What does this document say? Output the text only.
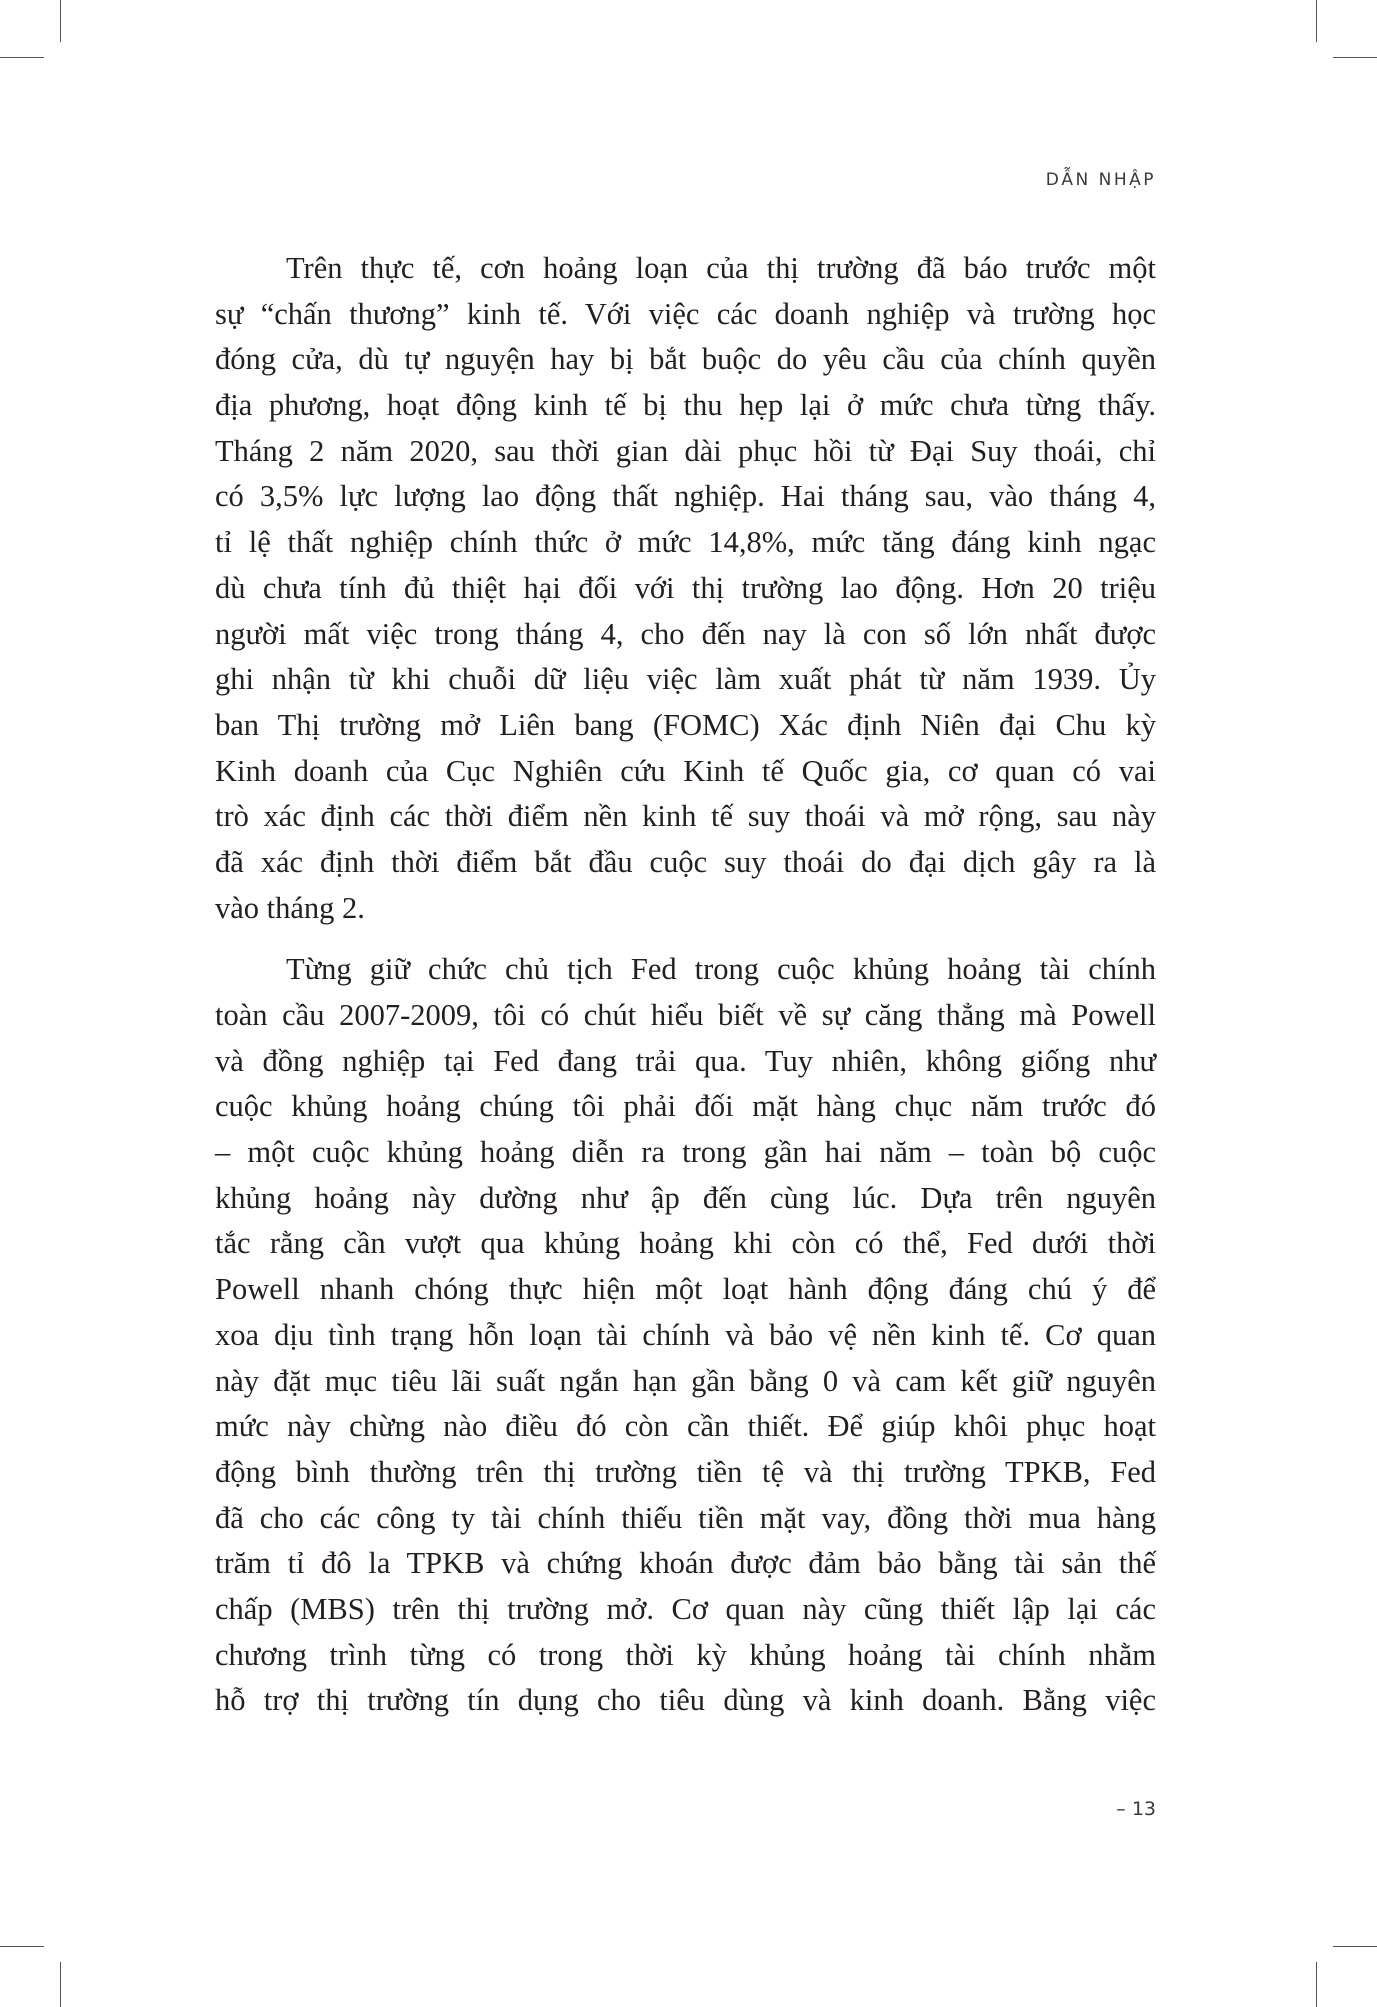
DẪN NHẬP
Trên thực tế, cơn hoảng loạn của thị trường đã báo trước một
sự “chấn thương” kinh tế. Với việc các doanh nghiệp và trường học
đóng cửa, dù tự nguyện hay bị bắt buộc do yêu cầu của chính quyền
địa phương, hoạt động kinh tế bị thu hẹp lại ở mức chưa từng thấy.
Tháng 2 năm 2020, sau thời gian dài phục hồi từ Đại Suy thoái, chỉ
có 3,5% lực lượng lao động thất nghiệp. Hai tháng sau, vào tháng 4,
tỉ lệ thất nghiệp chính thức ở mức 14,8%, mức tăng đáng kinh ngạc
dù chưa tính đủ thiệt hại đối với thị trường lao động. Hơn 20 triệu
người mất việc trong tháng 4, cho đến nay là con số lớn nhất được
ghi nhận từ khi chuỗi dữ liệu việc làm xuất phát từ năm 1939. Ủy
ban Thị trường mở Liên bang (FOMC) Xác định Niên đại Chu kỳ
Kinh doanh của Cục Nghiên cứu Kinh tế Quốc gia, cơ quan có vai
trò xác định các thời điểm nền kinh tế suy thoái và mở rộng, sau này
đã xác định thời điểm bắt đầu cuộc suy thoái do đại dịch gây ra là
vào tháng 2.
Từng giữ chức chủ tịch Fed trong cuộc khủng hoảng tài chính
toàn cầu 2007-2009, tôi có chút hiểu biết về sự căng thẳng mà Powell
và đồng nghiệp tại Fed đang trải qua. Tuy nhiên, không giống như
cuộc khủng hoảng chúng tôi phải đối mặt hàng chục năm trước đó
– một cuộc khủng hoảng diễn ra trong gần hai năm – toàn bộ cuộc
khủng hoảng này dường như ập đến cùng lúc. Dựa trên nguyên
tắc rằng cần vượt qua khủng hoảng khi còn có thể, Fed dưới thời
Powell nhanh chóng thực hiện một loạt hành động đáng chú ý để
xoa dịu tình trạng hỗn loạn tài chính và bảo vệ nền kinh tế. Cơ quan
này đặt mục tiêu lãi suất ngắn hạn gần bằng 0 và cam kết giữ nguyên
mức này chừng nào điều đó còn cần thiết. Để giúp khôi phục hoạt
động bình thường trên thị trường tiền tệ và thị trường TPKB, Fed
đã cho các công ty tài chính thiếu tiền mặt vay, đồng thời mua hàng
trăm tỉ đô la TPKB và chứng khoán được đảm bảo bằng tài sản thế
chấp (MBS) trên thị trường mở. Cơ quan này cũng thiết lập lại các
chương trình từng có trong thời kỳ khủng hoảng tài chính nhằm
hỗ trợ thị trường tín dụng cho tiêu dùng và kinh doanh. Bằng việc
– 13
